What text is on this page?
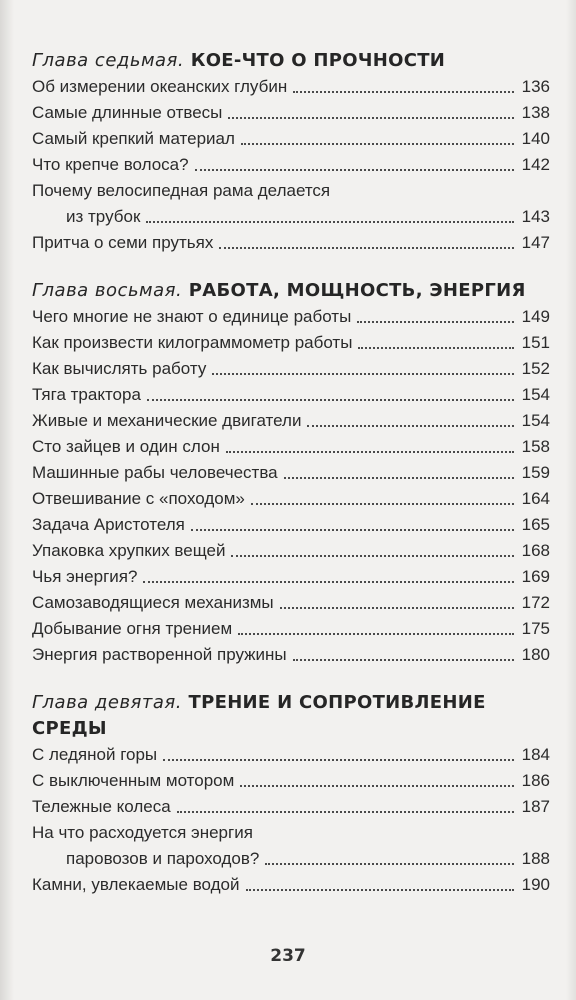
Глава седьмая. КОЕ-ЧТО О ПРОЧНОСТИ
Об измерении океанских глубин	136
Самые длинные отвесы	138
Самый крепкий материал	140
Что крепче волоса?	142
Почему велосипедная рама делается
из трубок	143
Притча о семи прутьях	147
Глава восьмая. РАБОТА, МОЩНОСТЬ, ЭНЕРГИЯ
Чего многие не знают о единице работы	149
Как произвести килограммометр работы	151
Как вычислять работу	152
Тяга трактора	154
Живые и механические двигатели	154
Сто зайцев и один слон	158
Машинные рабы человечества	159
Отвешивание с «походом»	164
Задача Аристотеля	165
Упаковка хрупких вещей	168
Чья энергия?	169
Самозаводящиеся механизмы	172
Добывание огня трением	175
Энергия растворенной пружины	180
Глава девятая. ТРЕНИЕ И СОПРОТИВЛЕНИЕ
СРЕДЫ
С ледяной горы	184
С выключенным мотором	186
Тележные колеса	187
На что расходуется энергия
паровозов и пароходов?	188
Камни, увлекаемые водой	190
237
